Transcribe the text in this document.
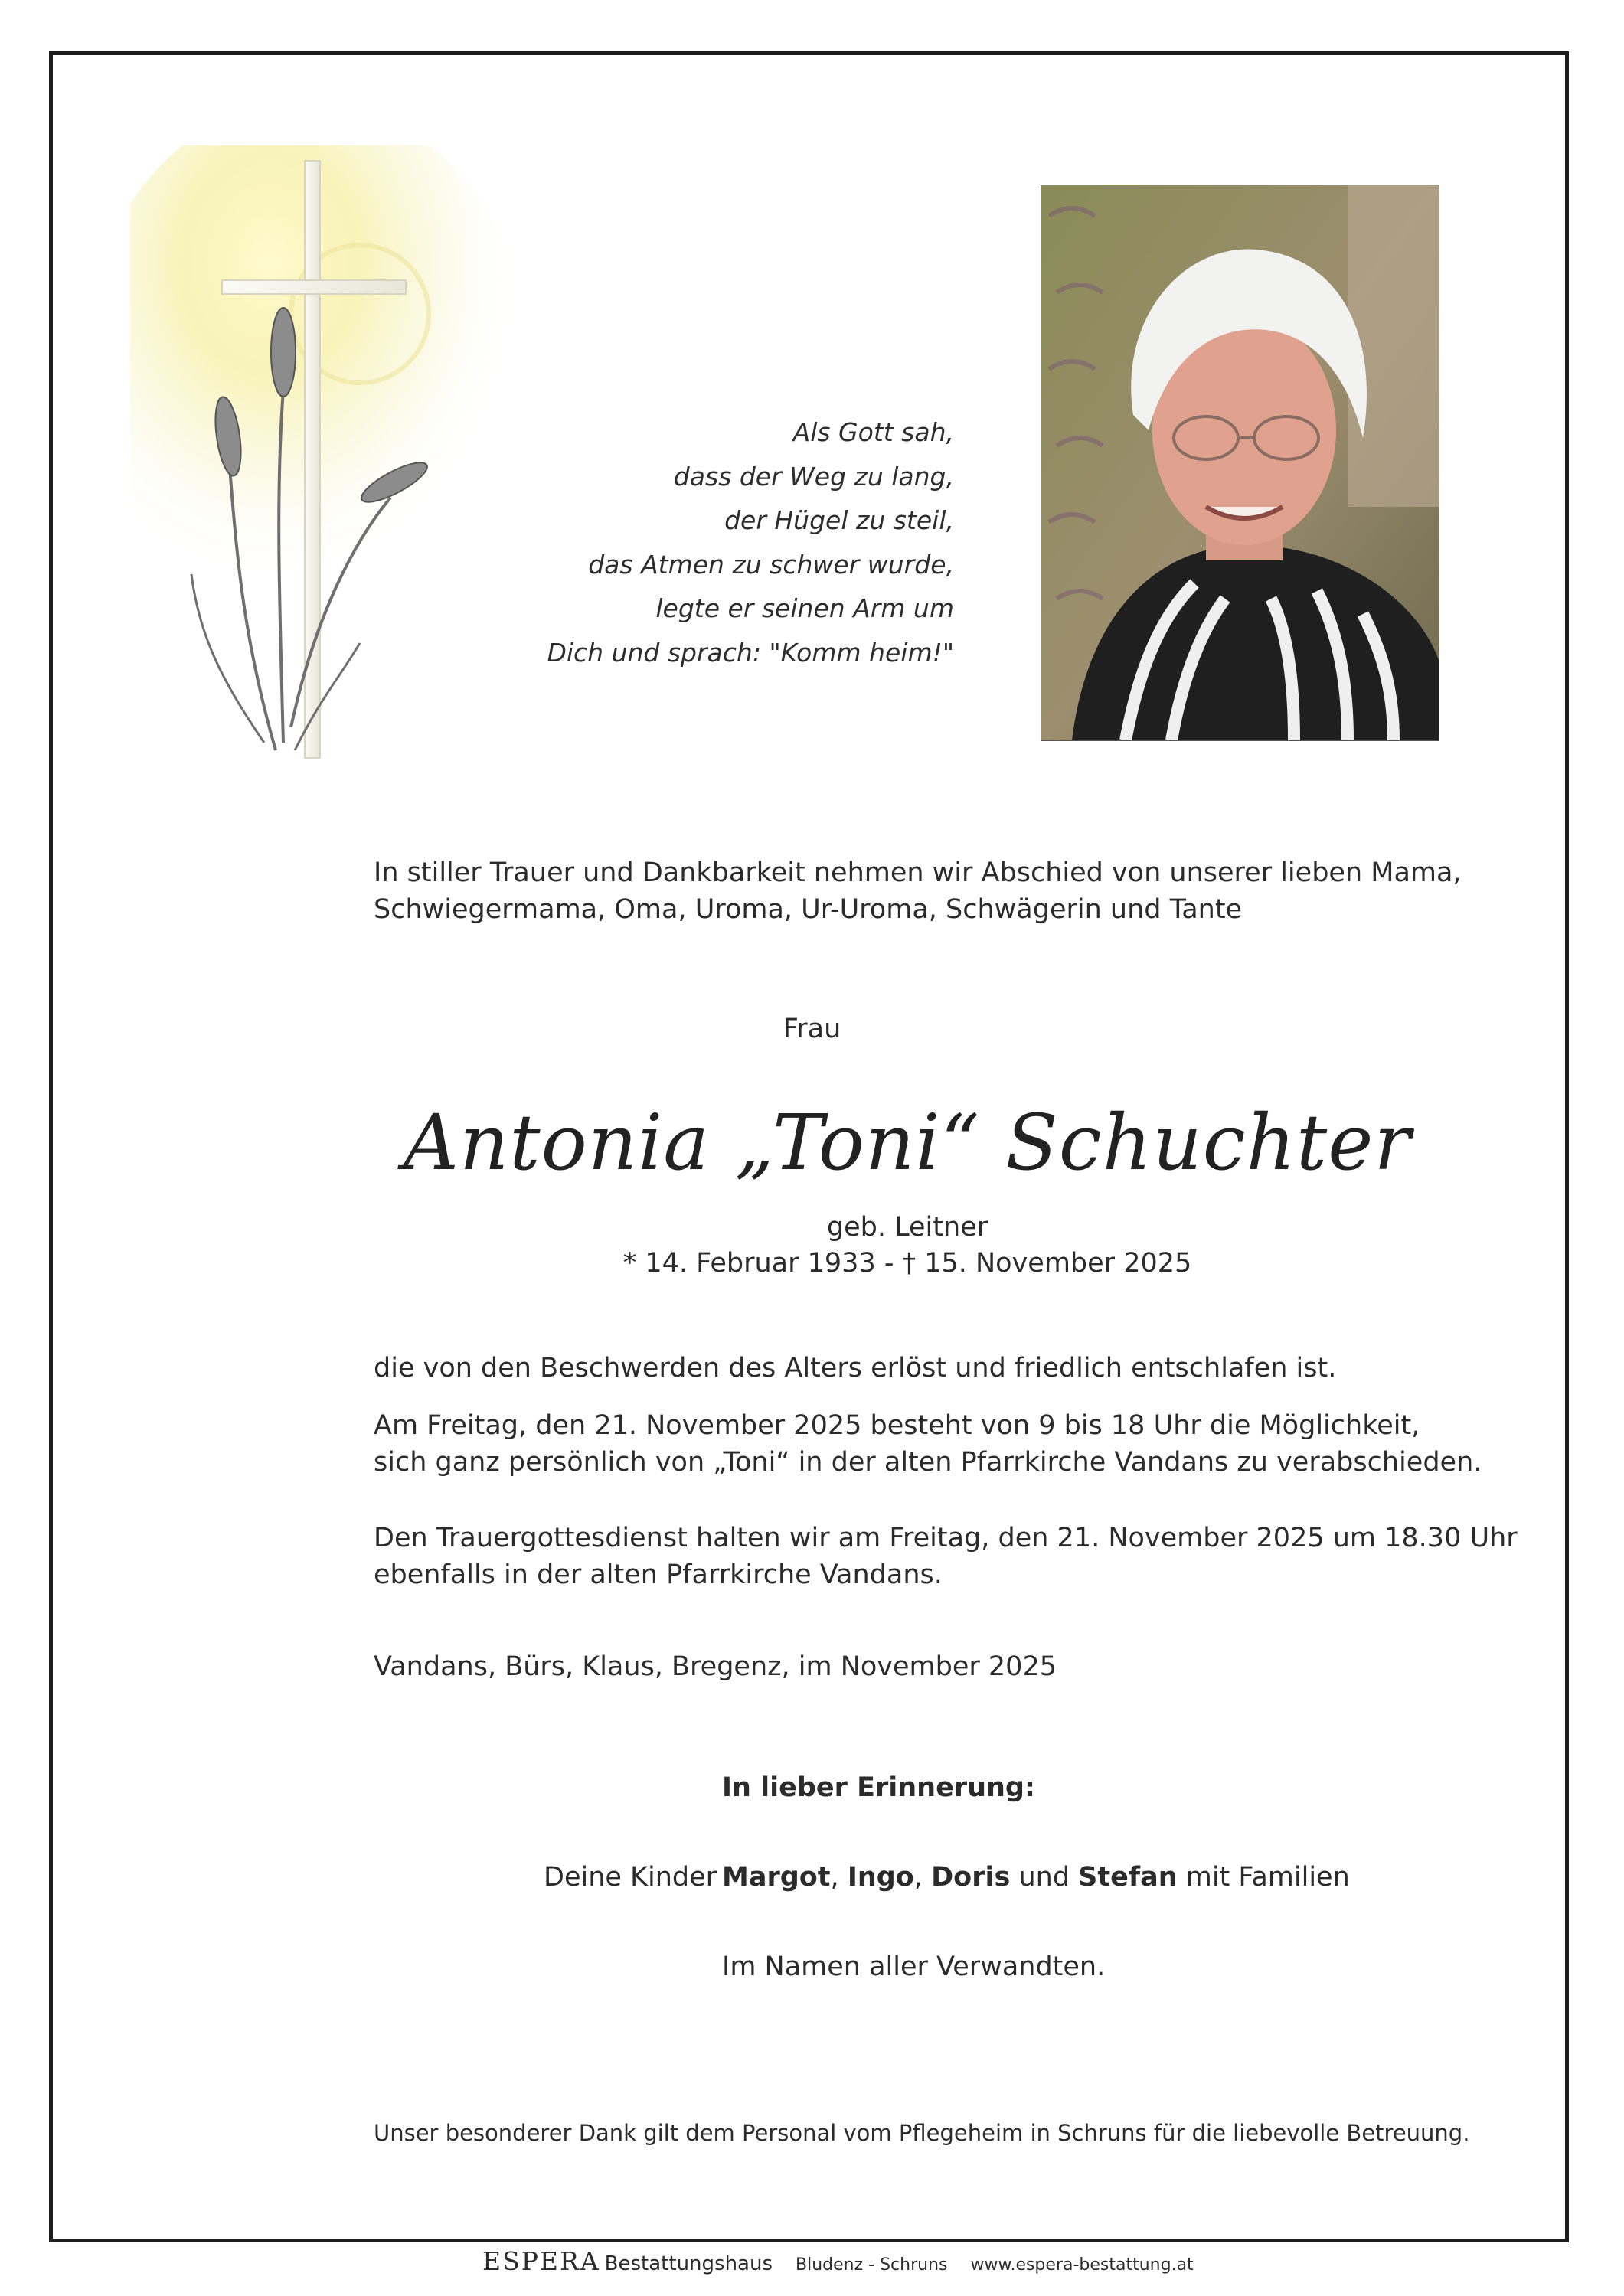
Als Gott sah,
dass der Weg zu lang,
der Hügel zu steil,
das Atmen zu schwer wurde,
legte er seinen Arm um
Dich und sprach: "Komm heim!"
In stiller Trauer und Dankbarkeit nehmen wir Abschied von unserer lieben Mama,
Schwiegermama, Oma, Uroma, Ur-Uroma, Schwägerin und Tante
Frau
Antonia „Toni“ Schuchter
geb. Leitner
* 14. Februar 1933 - † 15. November 2025
die von den Beschwerden des Alters erlöst und friedlich entschlafen ist.
Am Freitag, den 21. November 2025 besteht von 9 bis 18 Uhr die Möglichkeit,
sich ganz persönlich von „Toni“ in der alten Pfarrkirche Vandans zu verabschieden.
Den Trauergottesdienst halten wir am Freitag, den 21. November 2025 um 18.30 Uhr
ebenfalls in der alten Pfarrkirche Vandans.
Vandans, Bürs, Klaus, Bregenz, im November 2025
In lieber Erinnerung:
Deine Kinder Margot, Ingo, Doris und Stefan mit Familien
Im Namen aller Verwandten.
Unser besonderer Dank gilt dem Personal vom Pflegeheim in Schruns für die liebevolle Betreuung.
ESPERA Bestattungshaus Bludenz - Schruns www.espera-bestattung.at
